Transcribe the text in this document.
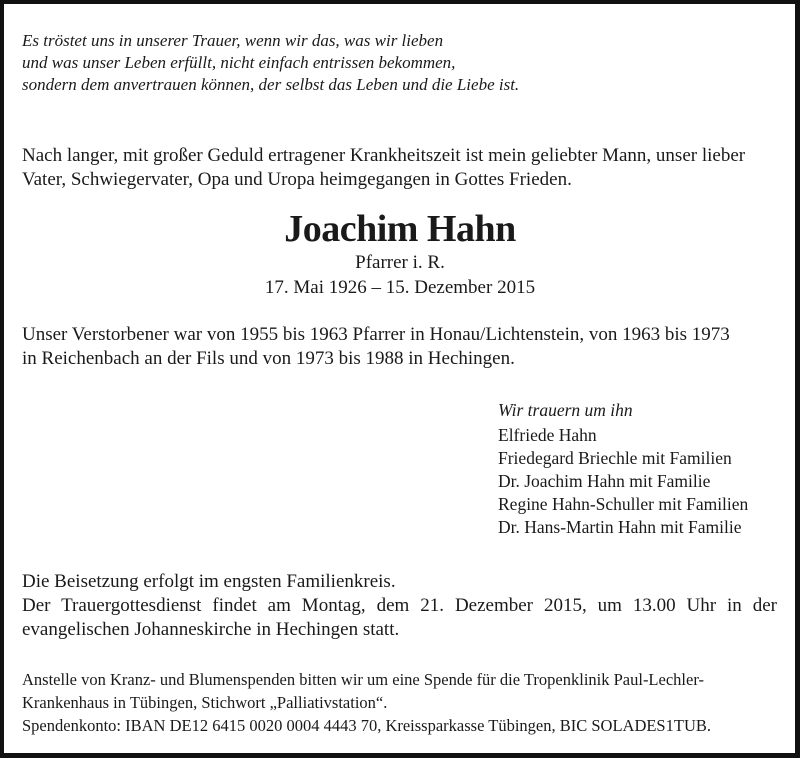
Es tröstet uns in unserer Trauer, wenn wir das, was wir lieben
und was unser Leben erfüllt, nicht einfach entrissen bekommen,
sondern dem anvertrauen können, der selbst das Leben und die Liebe ist.
Nach langer, mit großer Geduld ertragener Krankheitszeit ist mein geliebter Mann, unser lieber
Vater, Schwiegervater, Opa und Uropa heimgegangen in Gottes Frieden.
Joachim Hahn
Pfarrer i. R.
17. Mai 1926 – 15. Dezember 2015
Unser Verstorbener war von 1955 bis 1963 Pfarrer in Honau/Lichtenstein, von 1963 bis 1973
in Reichenbach an der Fils und von 1973 bis 1988 in Hechingen.
Wir trauern um ihn
Elfriede Hahn
Friedegard Briechle mit Familien
Dr. Joachim Hahn mit Familie
Regine Hahn-Schuller mit Familien
Dr. Hans-Martin Hahn mit Familie
Die Beisetzung erfolgt im engsten Familienkreis.
Der Trauergottesdienst findet am Montag, dem 21. Dezember 2015, um 13.00 Uhr in der
evangelischen Johanneskirche in Hechingen statt.
Anstelle von Kranz- und Blumenspenden bitten wir um eine Spende für die Tropenklinik Paul-Lechler-
Krankenhaus in Tübingen, Stichwort „Palliativstation“.
Spendenkonto: IBAN DE12 6415 0020 0004 4443 70, Kreissparkasse Tübingen, BIC SOLADES1TUB.
